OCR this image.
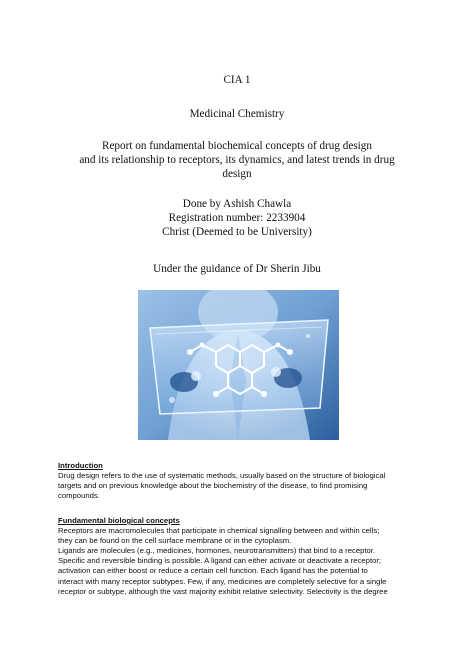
CIA 1
Medicinal Chemistry
Report on fundamental biochemical concepts of drug design
and its relationship to receptors, its dynamics, and latest trends in drug
design
Done by Ashish Chawla
Registration number: 2233904
Christ (Deemed to be University)
Under the guidance of Dr Sherin Jibu
Introduction
Drug design refers to the use of systematic methods, usually based on the structure of biological
targets and on previous knowledge about the biochemistry of the disease, to find promising
compounds.
Fundamental biological concepts
Receptors are macromolecules that participate in chemical signalling between and within cells;
they can be found on the cell surface membrane or in the cytoplasm.
Ligands are molecules (e.g., medicines, hormones, neurotransmitters) that bind to a receptor.
Specific and reversible binding is possible. A ligand can either activate or deactivate a receptor;
activation can either boost or reduce a certain cell function. Each ligand has the potential to
interact with many receptor subtypes. Few, if any, medicines are completely selective for a single
receptor or subtype, although the vast majority exhibit relative selectivity. Selectivity is the degree
